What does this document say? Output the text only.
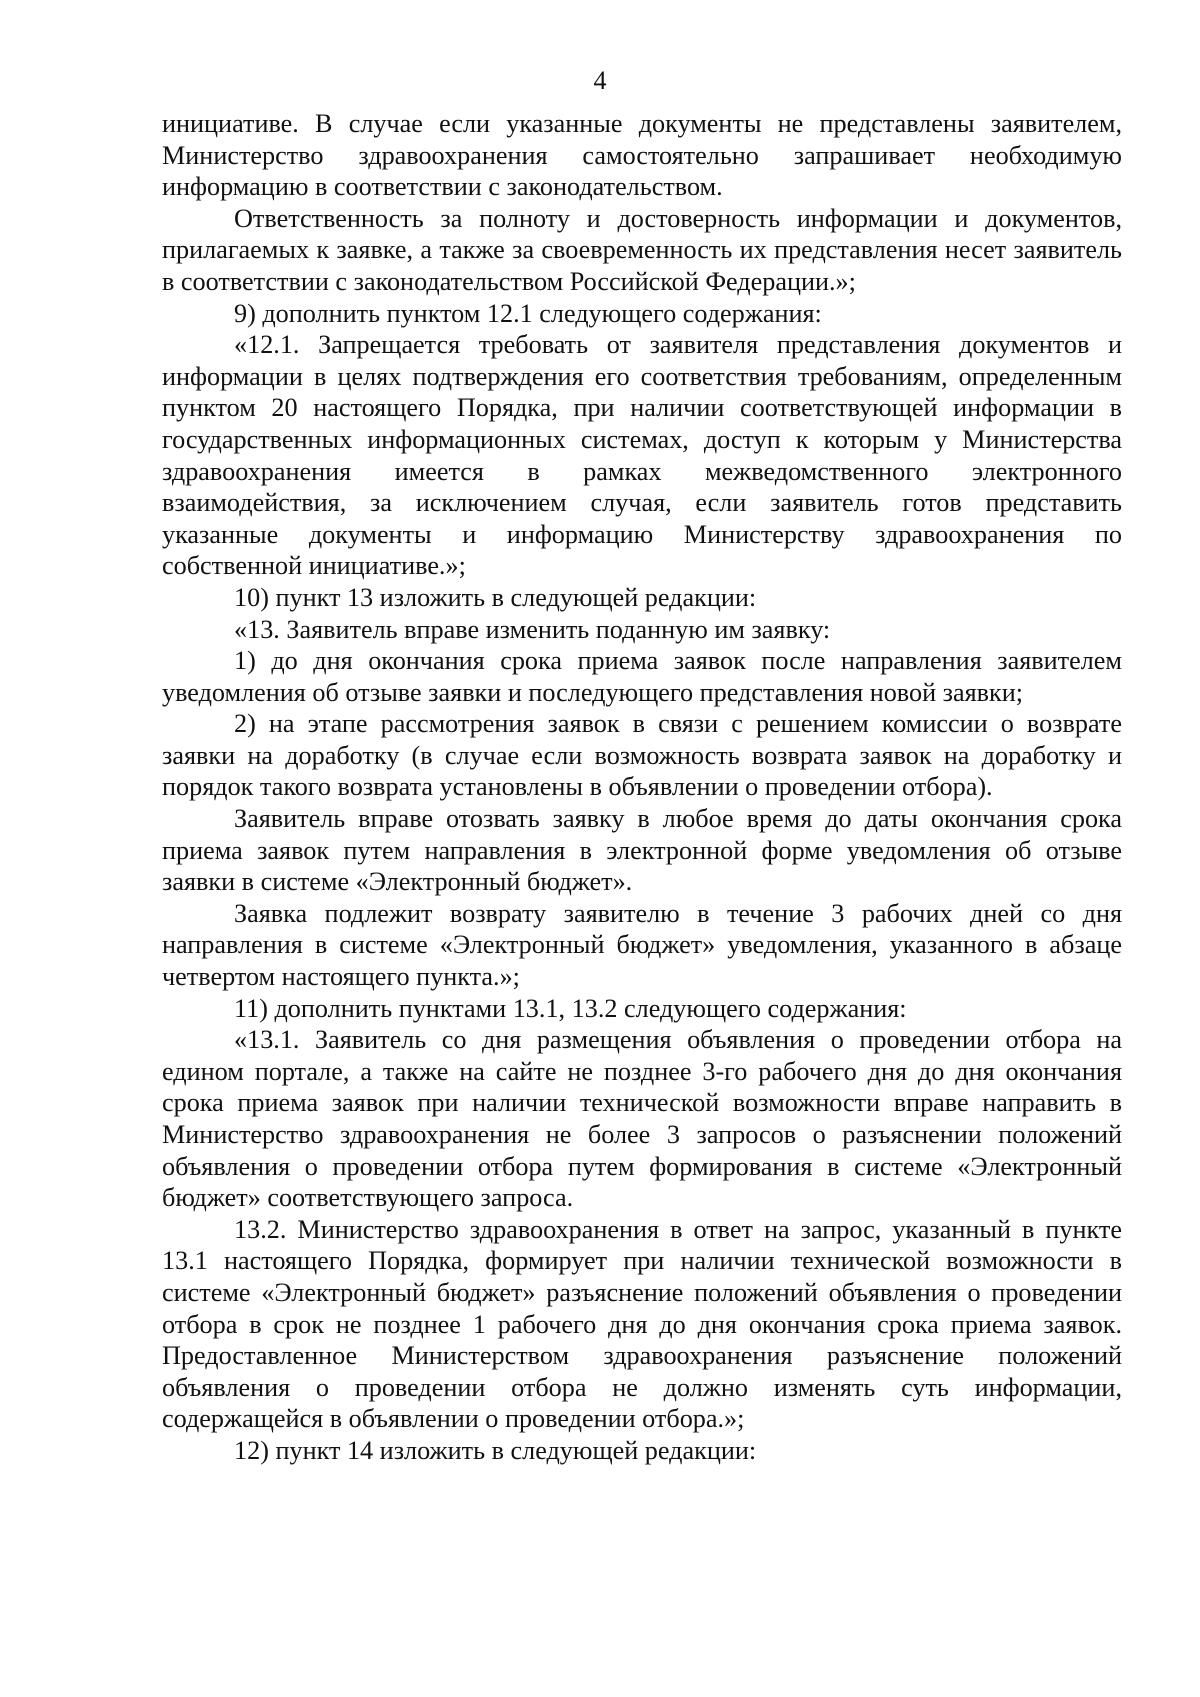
4

инициативе. В случае если указанные документы не представлены заявителем, Министерство здравоохранения самостоятельно запрашивает необходимую информацию в соответствии с законодательством.

Ответственность за полноту и достоверность информации и документов, прилагаемых к заявке, а также за своевременность их представления несет заявитель в соответствии с законодательством Российской Федерации.»;

9) дополнить пунктом 12.1 следующего содержания:

«12.1. Запрещается требовать от заявителя представления документов и информации в целях подтверждения его соответствия требованиям, определенным пунктом 20 настоящего Порядка, при наличии соответствующей информации в государственных информационных системах, доступ к которым у Министерства здравоохранения имеется в рамках межведомственного электронного взаимодействия, за исключением случая, если заявитель готов представить указанные документы и информацию Министерству здравоохранения по собственной инициативе.»;

10) пункт 13 изложить в следующей редакции:

«13. Заявитель вправе изменить поданную им заявку:

1) до дня окончания срока приема заявок после направления заявителем уведомления об отзыве заявки и последующего представления новой заявки;

2) на этапе рассмотрения заявок в связи с решением комиссии о возврате заявки на доработку (в случае если возможность возврата заявок на доработку и порядок такого возврата установлены в объявлении о проведении отбора).

Заявитель вправе отозвать заявку в любое время до даты окончания срока приема заявок путем направления в электронной форме уведомления об отзыве заявки в системе «Электронный бюджет».

Заявка подлежит возврату заявителю в течение 3 рабочих дней со дня направления в системе «Электронный бюджет» уведомления, указанного в абзаце четвертом настоящего пункта.»;

11) дополнить пунктами 13.1, 13.2 следующего содержания:

«13.1. Заявитель со дня размещения объявления о проведении отбора на едином портале, а также на сайте не позднее 3-го рабочего дня до дня окончания срока приема заявок при наличии технической возможности вправе направить в Министерство здравоохранения не более 3 запросов о разъяснении положений объявления о проведении отбора путем формирования в системе «Электронный бюджет» соответствующего запроса.

13.2. Министерство здравоохранения в ответ на запрос, указанный в пункте 13.1 настоящего Порядка, формирует при наличии технической возможности в системе «Электронный бюджет» разъяснение положений объявления о проведении отбора в срок не позднее 1 рабочего дня до дня окончания срока приема заявок. Предоставленное Министерством здравоохранения разъяснение положений объявления о проведении отбора не должно изменять суть информации, содержащейся в объявлении о проведении отбора.»;

12) пункт 14 изложить в следующей редакции:
